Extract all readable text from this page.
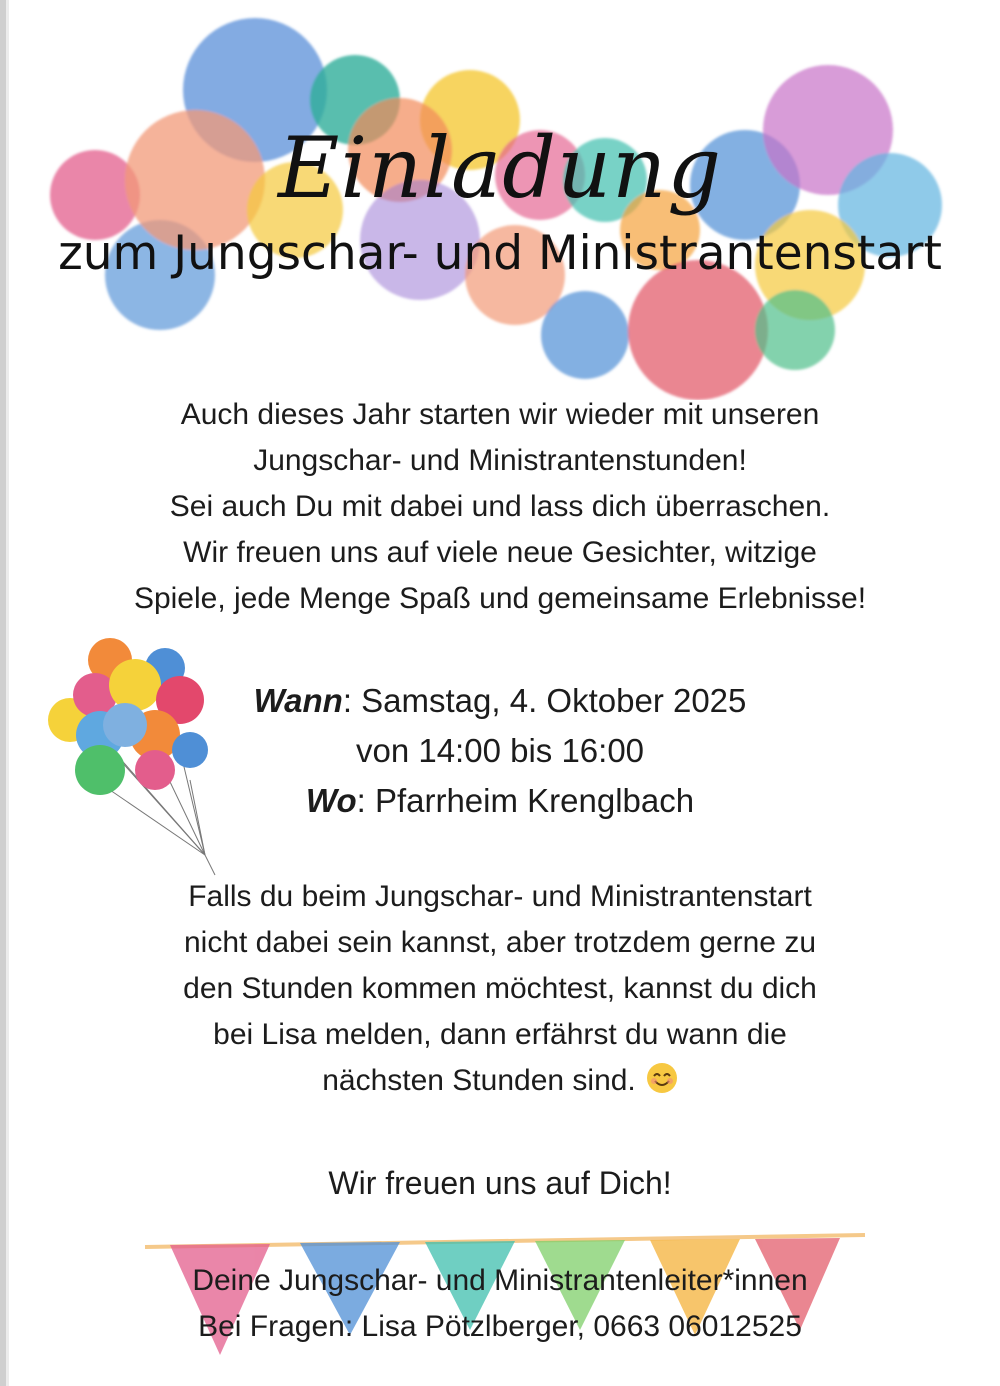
Einladung
zum Jungschar- und Ministrantenstart
Auch dieses Jahr starten wir wieder mit unseren
Jungschar- und Ministrantenstunden!
Sei auch Du mit dabei und lass dich überraschen.
Wir freuen uns auf viele neue Gesichter, witzige
Spiele, jede Menge Spaß und gemeinsame Erlebnisse!
Wann: Samstag, 4. Oktober 2025
von 14:00 bis 16:00
Wo: Pfarrheim Krenglbach
Falls du beim Jungschar- und Ministrantenstart
nicht dabei sein kannst, aber trotzdem gerne zu
den Stunden kommen möchtest, kannst du dich
bei Lisa melden, dann erfährst du wann die
nächsten Stunden sind.
Wir freuen uns auf Dich!
Deine Jungschar- und Ministrantenleiter*innen
Bei Fragen: Lisa Pötzlberger, 0663 06012525
